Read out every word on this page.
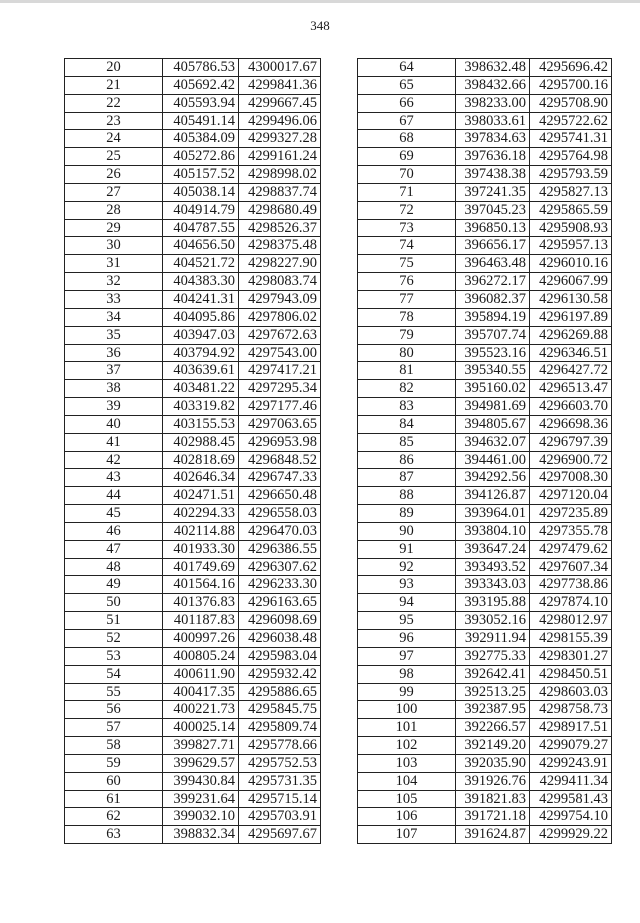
348
20	405786.53	4300017.67
21	405692.42	4299841.36
22	405593.94	4299667.45
23	405491.14	4299496.06
24	405384.09	4299327.28
25	405272.86	4299161.24
26	405157.52	4298998.02
27	405038.14	4298837.74
28	404914.79	4298680.49
29	404787.55	4298526.37
30	404656.50	4298375.48
31	404521.72	4298227.90
32	404383.30	4298083.74
33	404241.31	4297943.09
34	404095.86	4297806.02
35	403947.03	4297672.63
36	403794.92	4297543.00
37	403639.61	4297417.21
38	403481.22	4297295.34
39	403319.82	4297177.46
40	403155.53	4297063.65
41	402988.45	4296953.98
42	402818.69	4296848.52
43	402646.34	4296747.33
44	402471.51	4296650.48
45	402294.33	4296558.03
46	402114.88	4296470.03
47	401933.30	4296386.55
48	401749.69	4296307.62
49	401564.16	4296233.30
50	401376.83	4296163.65
51	401187.83	4296098.69
52	400997.26	4296038.48
53	400805.24	4295983.04
54	400611.90	4295932.42
55	400417.35	4295886.65
56	400221.73	4295845.75
57	400025.14	4295809.74
58	399827.71	4295778.66
59	399629.57	4295752.53
60	399430.84	4295731.35
61	399231.64	4295715.14
62	399032.10	4295703.91
63	398832.34	4295697.67
64	398632.48	4295696.42
65	398432.66	4295700.16
66	398233.00	4295708.90
67	398033.61	4295722.62
68	397834.63	4295741.31
69	397636.18	4295764.98
70	397438.38	4295793.59
71	397241.35	4295827.13
72	397045.23	4295865.59
73	396850.13	4295908.93
74	396656.17	4295957.13
75	396463.48	4296010.16
76	396272.17	4296067.99
77	396082.37	4296130.58
78	395894.19	4296197.89
79	395707.74	4296269.88
80	395523.16	4296346.51
81	395340.55	4296427.72
82	395160.02	4296513.47
83	394981.69	4296603.70
84	394805.67	4296698.36
85	394632.07	4296797.39
86	394461.00	4296900.72
87	394292.56	4297008.30
88	394126.87	4297120.04
89	393964.01	4297235.89
90	393804.10	4297355.78
91	393647.24	4297479.62
92	393493.52	4297607.34
93	393343.03	4297738.86
94	393195.88	4297874.10
95	393052.16	4298012.97
96	392911.94	4298155.39
97	392775.33	4298301.27
98	392642.41	4298450.51
99	392513.25	4298603.03
100	392387.95	4298758.73
101	392266.57	4298917.51
102	392149.20	4299079.27
103	392035.90	4299243.91
104	391926.76	4299411.34
105	391821.83	4299581.43
106	391721.18	4299754.10
107	391624.87	4299929.22
